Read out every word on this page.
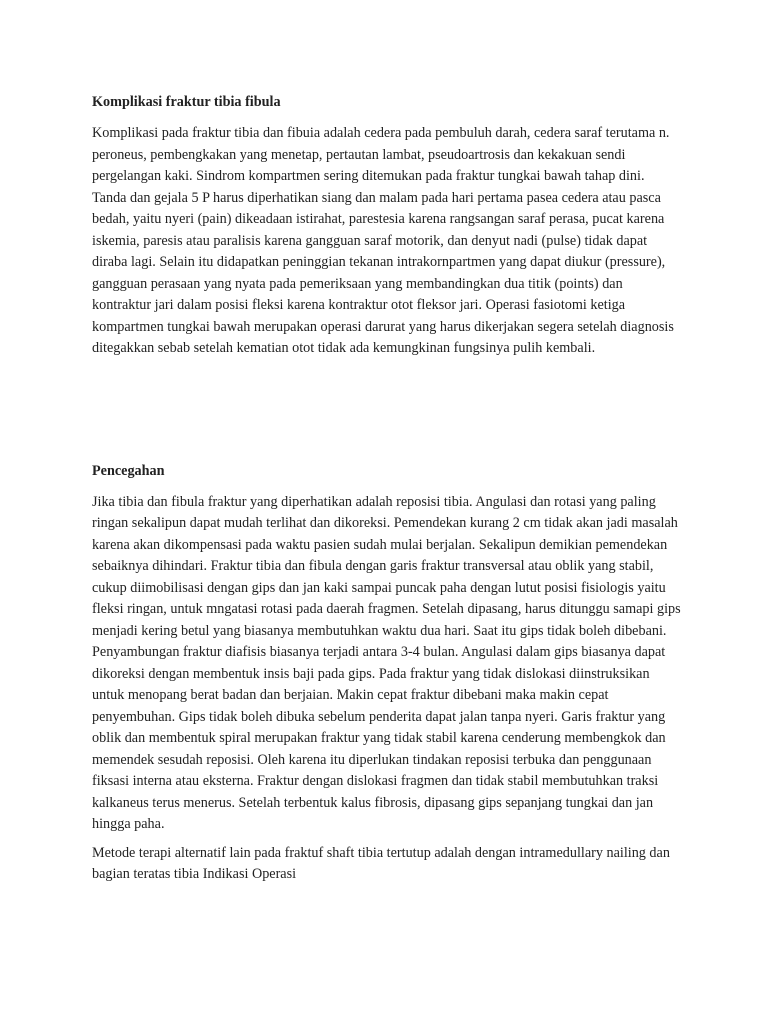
Komplikasi fraktur tibia fibula

Komplikasi pada fraktur tibia dan fibuia adalah cedera pada pembuluh darah, cedera saraf terutama n. peroneus, pembengkakan yang menetap, pertautan lambat, pseudoartrosis dan kekakuan sendi pergelangan kaki. Sindrom kompartmen sering ditemukan pada fraktur tungkai bawah tahap dini. Tanda dan gejala 5 P harus diperhatikan siang dan malam pada hari pertama pasea cedera atau pasca bedah, yaitu nyeri (pain) dikeadaan istirahat, parestesia karena rangsangan saraf perasa, pucat karena iskemia, paresis atau paralisis karena gangguan saraf motorik, dan denyut nadi (pulse) tidak dapat diraba lagi. Selain itu didapatkan peninggian tekanan intrakornpartmen yang dapat diukur (pressure), gangguan perasaan yang nyata pada pemeriksaan yang membandingkan dua titik (points) dan kontraktur jari dalam posisi fleksi karena kontraktur otot fleksor jari. Operasi fasiotomi ketiga kompartmen tungkai bawah merupakan operasi darurat yang harus dikerjakan segera setelah diagnosis ditegakkan sebab setelah kematian otot tidak ada kemungkinan fungsinya pulih kembali.

Pencegahan

Jika tibia dan fibula fraktur yang diperhatikan adalah reposisi tibia. Angulasi dan rotasi yang paling ringan sekalipun dapat mudah terlihat dan dikoreksi. Pemendekan kurang 2 cm tidak akan jadi masalah karena akan dikompensasi pada waktu pasien sudah mulai berjalan. Sekalipun demikian pemendekan sebaiknya dihindari. Fraktur tibia dan fibula dengan garis fraktur transversal atau oblik yang stabil, cukup diimobilisasi dengan gips dan jan kaki sampai puncak paha dengan lutut posisi fisiologis yaitu fleksi ringan, untuk mngatasi rotasi pada daerah fragmen. Setelah dipasang, harus ditunggu samapi gips menjadi kering betul yang biasanya membutuhkan waktu dua hari. Saat itu gips tidak boleh dibebani. Penyambungan fraktur diafisis biasanya terjadi antara 3-4 bulan. Angulasi dalam gips biasanya dapat dikoreksi dengan membentuk insis baji pada gips. Pada fraktur yang tidak dislokasi diinstruksikan untuk menopang berat badan dan berjaian. Makin cepat fraktur dibebani maka makin cepat penyembuhan. Gips tidak boleh dibuka sebelum penderita dapat jalan tanpa nyeri. Garis fraktur yang oblik dan membentuk spiral merupakan fraktur yang tidak stabil karena cenderung membengkok dan memendek sesudah reposisi. Oleh karena itu diperlukan tindakan reposisi terbuka dan penggunaan fiksasi interna atau eksterna. Fraktur dengan dislokasi fragmen dan tidak stabil membutuhkan traksi kalkaneus terus menerus. Setelah terbentuk kalus fibrosis, dipasang gips sepanjang tungkai dan jan hingga paha.

Metode terapi alternatif lain pada fraktuf shaft tibia tertutup adalah dengan intramedullary nailing dan bagian teratas tibia Indikasi Operasi
